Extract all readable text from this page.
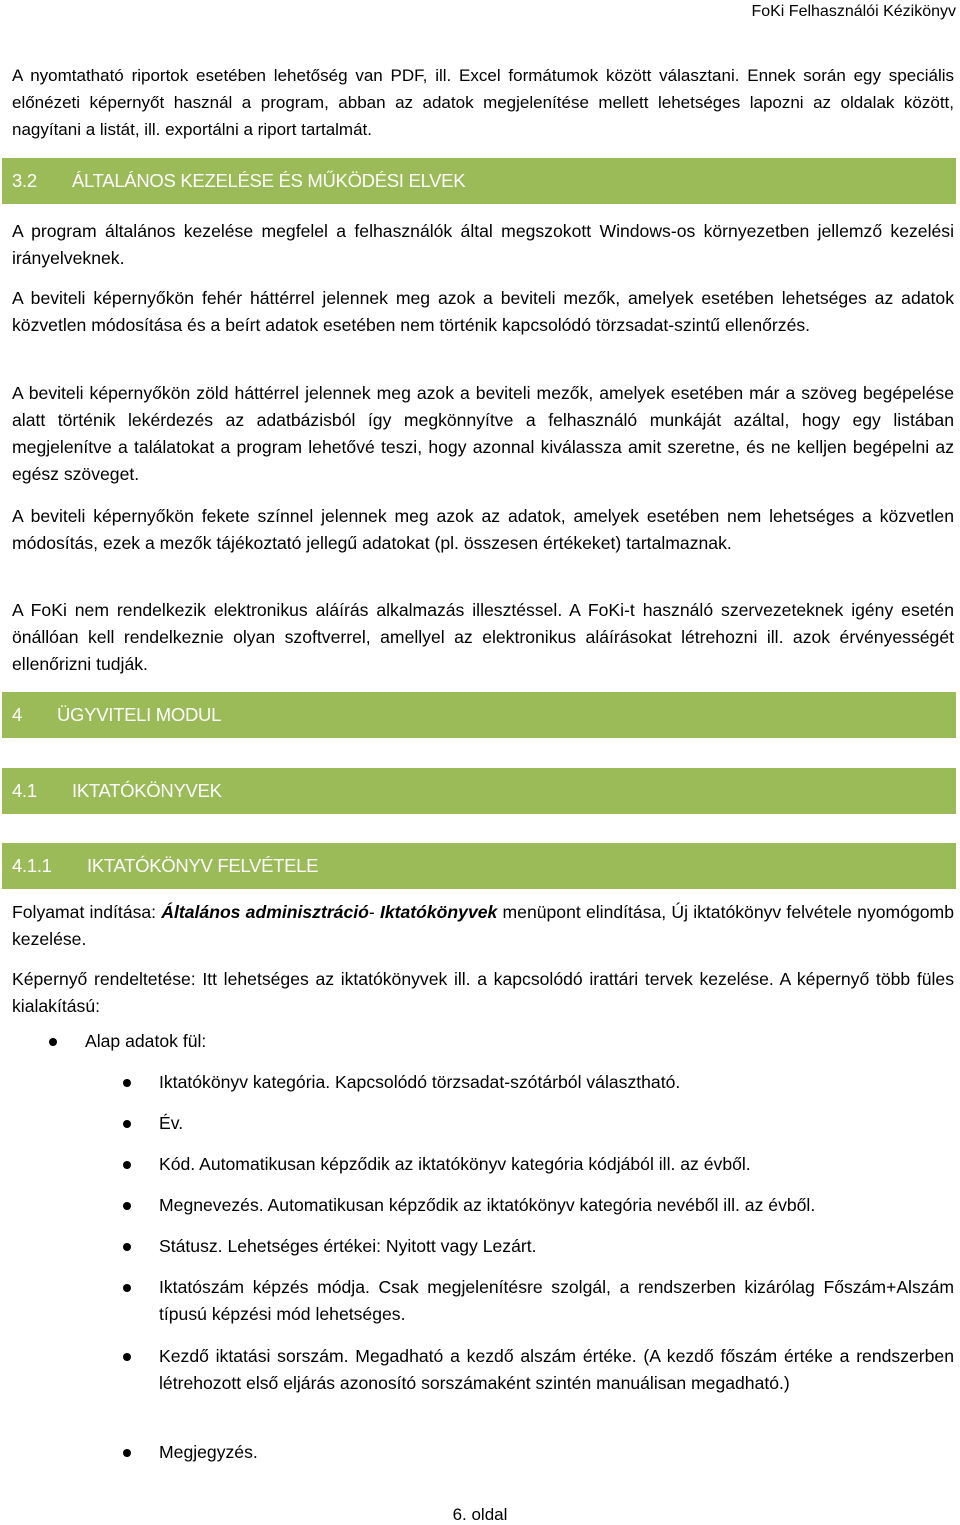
FoKi Felhasználói Kézikönyv
A nyomtatható riportok esetében lehetőség van PDF, ill. Excel formátumok között választani. Ennek során egy speciális előnézeti képernyőt használ a program, abban az adatok megjelenítése mellett lehetséges lapozni az oldalak között, nagyítani a listát, ill. exportálni a riport tartalmát.
3.2	ÁLTALÁNOS KEZELÉSE ÉS MŰKÖDÉSI ELVEK
A program általános kezelése megfelel a felhasználók által megszokott Windows-os környezetben jellemző kezelési irányelveknek.
A beviteli képernyőkön fehér háttérrel jelennek meg azok a beviteli mezők, amelyek esetében lehetséges az adatok közvetlen módosítása és a beírt adatok esetében nem történik kapcsolódó törzsadat-szintű ellenőrzés.
A beviteli képernyőkön zöld háttérrel jelennek meg azok a beviteli mezők, amelyek esetében már a szöveg begépelése alatt történik lekérdezés az adatbázisból így megkönnyítve a felhasználó munkáját azáltal, hogy egy listában megjelenítve a találatokat a program lehetővé teszi, hogy azonnal kiválassza amit szeretne, és ne kelljen begépelni az egész szöveget.
A beviteli képernyőkön fekete színnel jelennek meg azok az adatok, amelyek esetében nem lehetséges a közvetlen módosítás, ezek a mezők tájékoztató jellegű adatokat (pl. összesen értékeket) tartalmaznak.
A FoKi nem rendelkezik elektronikus aláírás alkalmazás illesztéssel. A FoKi-t használó szervezeteknek igény esetén önállóan kell rendelkeznie olyan szoftverrel, amellyel az elektronikus aláírásokat létrehozni ill. azok érvényességét ellenőrizni tudják.
4	ÜGYVITELI MODUL
4.1	IKTATÓKÖNYVEK
4.1.1	IKTATÓKÖNYV FELVÉTELE
Folyamat indítása: Általános adminisztráció- Iktatókönyvek menüpont elindítása, Új iktatókönyv felvétele nyomógomb kezelése.
Képernyő rendeltetése: Itt lehetséges az iktatókönyvek ill. a kapcsolódó irattári tervek kezelése. A képernyő több füles kialakítású:
Alap adatok fül:
Iktatókönyv kategória. Kapcsolódó törzsadat-szótárból választható.
Év.
Kód. Automatikusan képződik az iktatókönyv kategória kódjából ill. az évből.
Megnevezés. Automatikusan képződik az iktatókönyv kategória nevéből ill. az évből.
Státusz. Lehetséges értékei: Nyitott vagy Lezárt.
Iktatószám képzés módja. Csak megjelenítésre szolgál, a rendszerben kizárólag Főszám+Alszám típusú képzési mód lehetséges.
Kezdő iktatási sorszám. Megadható a kezdő alszám értéke. (A kezdő főszám értéke a rendszerben létrehozott első eljárás azonosító sorszámaként szintén manuálisan megadható.)
Megjegyzés.
6. oldal
